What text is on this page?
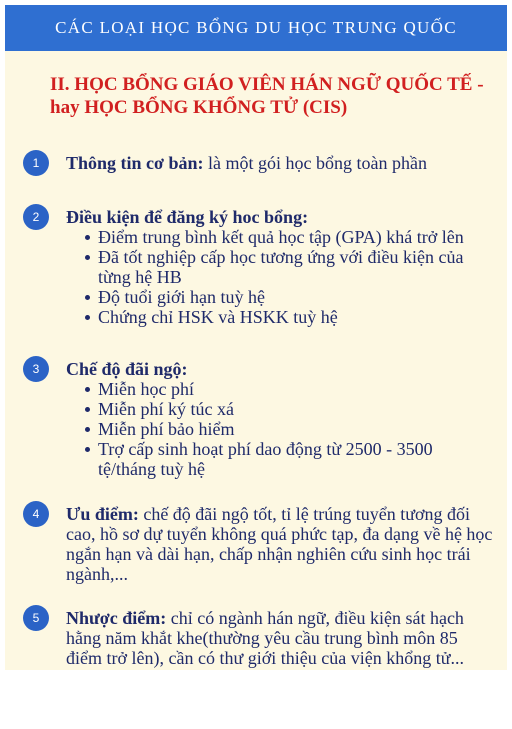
CÁC LOẠI HỌC BỔNG DU HỌC TRUNG QUỐC
II. HỌC BỔNG GIÁO VIÊN HÁN NGỮ QUỐC TẾ -
hay HỌC BỔNG KHỔNG TỬ (CIS)
1	Thông tin cơ bản: là một gói học bổng toàn phần
2	Điều kiện để đăng ký hoc bổng:
Điểm trung bình kết quả học tập (GPA) khá trở lên
Đã tốt nghiệp cấp học tương ứng với điều kiện của từng hệ HB
Độ tuổi giới hạn tuỳ hệ
Chứng chỉ HSK và HSKK tuỳ hệ
3	Chế độ đãi ngộ:
Miễn học phí
Miễn phí ký túc xá
Miễn phí bảo hiểm
Trợ cấp sinh hoạt phí dao động từ 2500 - 3500 tệ/tháng tuỳ hệ
4	Ưu điểm: chế độ đãi ngộ tốt, tỉ lệ trúng tuyển tương đối cao, hồ sơ dự tuyển không quá phức tạp, đa dạng về hệ học ngắn hạn và dài hạn, chấp nhận nghiên cứu sinh học trái ngành,...
5	Nhược điểm: chỉ có ngành hán ngữ, điều kiện sát hạch hằng năm khắt khe(thường yêu cầu trung bình môn 85 điểm trở lên), cần có thư giới thiệu của viện khổng tử...
